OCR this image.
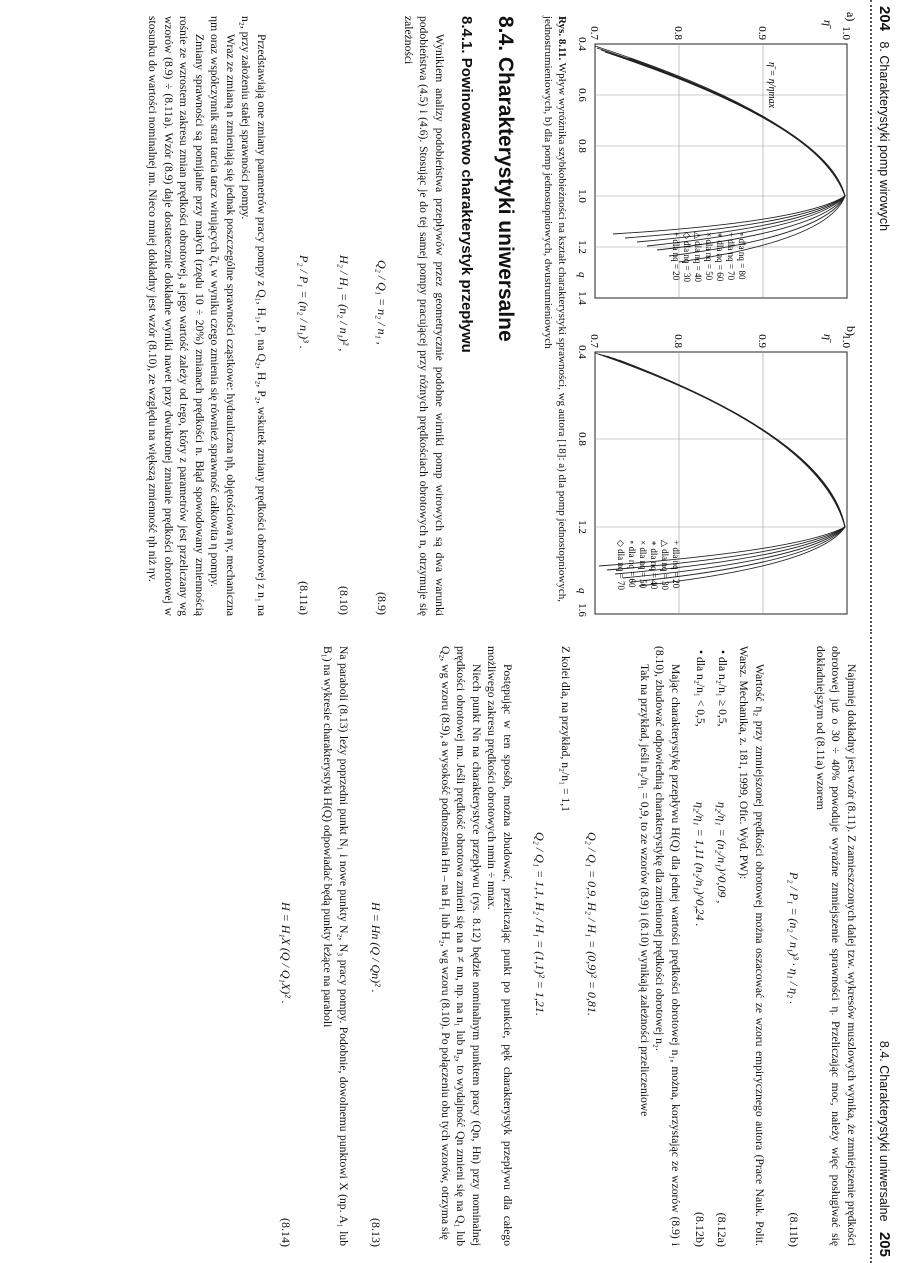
204   8. Charakterystyki pomp wirowych
a)
η̄
1.0
0.9
0.8
0.7
0.4
0.6
0.8
1.0
1.2
1.4
q
η̄ = η/ηmax
∘ dla nq = 80
+ dla nq = 70
∗ dla nq = 60
× dla nq = 50
△ dla nq = 40
◇ dla nq = 30
+ dla nq = 20
b)
η̄ 1.0
0.9
0.8
0.7
0.4
0.8
1.2
1.6
q
+ dla nq = 20
△ dla nq = 30
∗ dla nq = 40
× dla nq = 50
∘ dla nq = 60
◇ dla nq = 70
Rys. 8.11. Wpływ wyróżnika szybkobieżności na kształt charakterystyki sprawności, wg autora [18]: a) dla pomp jednostopniowych, jednostrumieniowych, b) dla pomp jednostopniowych, dwustrumieniowych
8.4. Charakterystyki uniwersalne
8.4.1. Powinowactwo charakterystyk przepływu

Wynikiem analizy podobieństwa przepływów przez geometrycznie podobne wirniki pomp wirowych są dwa warunki podobieństwa (4.5) i (4.6). Stosując je do tej samej pompy pracującej przy różnych prędkościach obrotowych n, otrzymuje się zależności

Q₂ / Q₁ = n₂ / n₁ ,
(8.9)
H₂ / H₁ = (n₂ / n₁)² ,
(8.10)
P₂ / P₁ = (n₂ / n₁)³ .
(8.11a)

Przedstawiają one zmiany parametrów pracy pompy z Q₁, H₁, P₁ na Q₂, H₂, P₂, wskutek zmiany prędkości obrotowej z n₁ na n₂, przy założeniu stałej sprawności pompy.

Wraz ze zmianą n zmieniają się jednak poszczególne sprawności cząstkowe: hydrauliczna ηh, objętościowa ηv, mechaniczna ηm oraz współczynnik strat tarcia tarcz wirujących ζt, w wyniku czego zmienia się również sprawność całkowita η pompy.

Zmiany sprawności są pomijalne przy małych (rzędu 10 ÷ 20%) zmianach prędkości n. Błąd spowodowany zmiennością rośnie ze wzrostem zakresu zmian prędkości obrotowej, a jego wartość zależy od tego, który z parametrów jest przeliczany wg wzorów (8.9) ÷ (8.11a). Wzór (8.9) daje dostatecznie dokładne wyniki nawet przy dwukrotnej zmianie prędkości obrotowej w stosunku do wartości nominalnej nn. Nieco mniej dokładny jest wzór (8.10), ze względu na większą zmienność ηh niż ηv.

8.4. Charakterystyki uniwersalne   205

Najmniej dokładny jest wzór (8.11). Z zamieszczonych dalej tzw. wykresów muszlowych wynika, że zmniejszenie prędkości obrotowej już o 30 ÷ 40% powoduje wyraźne zmniejszenie sprawności η. Przeliczając moc, należy więc posługiwać się dokładniejszym od (8.11a) wzorem

P₂ / P₁ = (n₂ / n₁)³ · η₁ / η₂ .
(8.11b)

Wartość η₂ przy zmniejszonej prędkości obrotowej można oszacować ze wzoru empirycznego autora (Prace Nauk. Polit. Warsz. Mechanika, z. 181, 1999, Ofic. Wyd. PW):

• dla n₂/n₁ ≥ 0,5,
η₂/η₁ = (n₂/n₁)^0,09 ,
(8.12a)
• dla n₂/n₁ < 0,5,
η₂/η₁ = 1,11 (n₂/n₁)^0,24 .
(8.12b)

Mając charakterystykę przepływu H(Q) dla jednej wartości prędkości obrotowej n₁, można, korzystając ze wzorów (8.9) i (8.10), zbudować odpowiednią charakterystykę dla zmienionej prędkości obrotowej n₂.

Tak na przykład, jeśli n₂/n₁ = 0,9, to ze wzorów (8.9) i (8.10) wynikają zależności przeliczeniowe

Q₂ / Q₁ = 0,9, H₂ / H₁ = (0,9)² = 0,81.

Z kolei dla, na przykład, n₂/n₁ = 1,1

Q₂ / Q₁ = 1,1, H₂ / H₁ = (1,1)² = 1,21.

Postępując w ten sposób, można zbudować, przeliczając punkt po punkcie, pęk charakterystyk przepływu dla całego możliwego zakresu prędkości obrotowych nmin ÷ nmax.

Niech punkt Nn na charakterystyce przepływu (rys. 8.12) będzie nominalnym punktem pracy (Qn, Hn) przy nominalnej prędkości obrotowej nn. Jeśli prędkość obrotowa zmieni się na n ≠ nn, np. na n₁ lub n₂, to wydajność Qn zmieni się na Q₁ lub Q₂, wg wzoru (8.9), a wysokość podnoszenia Hn – na H₁ lub H₂, wg wzoru (8.10). Po połączeniu obu tych wzorów, otrzyma się

H = Hn (Q / Qn)² .
(8.13)

Na paraboli (8.13) leży poprzedni punkt N₁ i nowe punkty N₂, N₃ pracy pompy. Podobnie, dowolnemu punktowi X (np. A₁ lub B₁) na wykresie charakterystyki H(Q) odpowiadać będą punkty leżące na paraboli

H = H₁X (Q / Q₁X)² .
(8.14)
